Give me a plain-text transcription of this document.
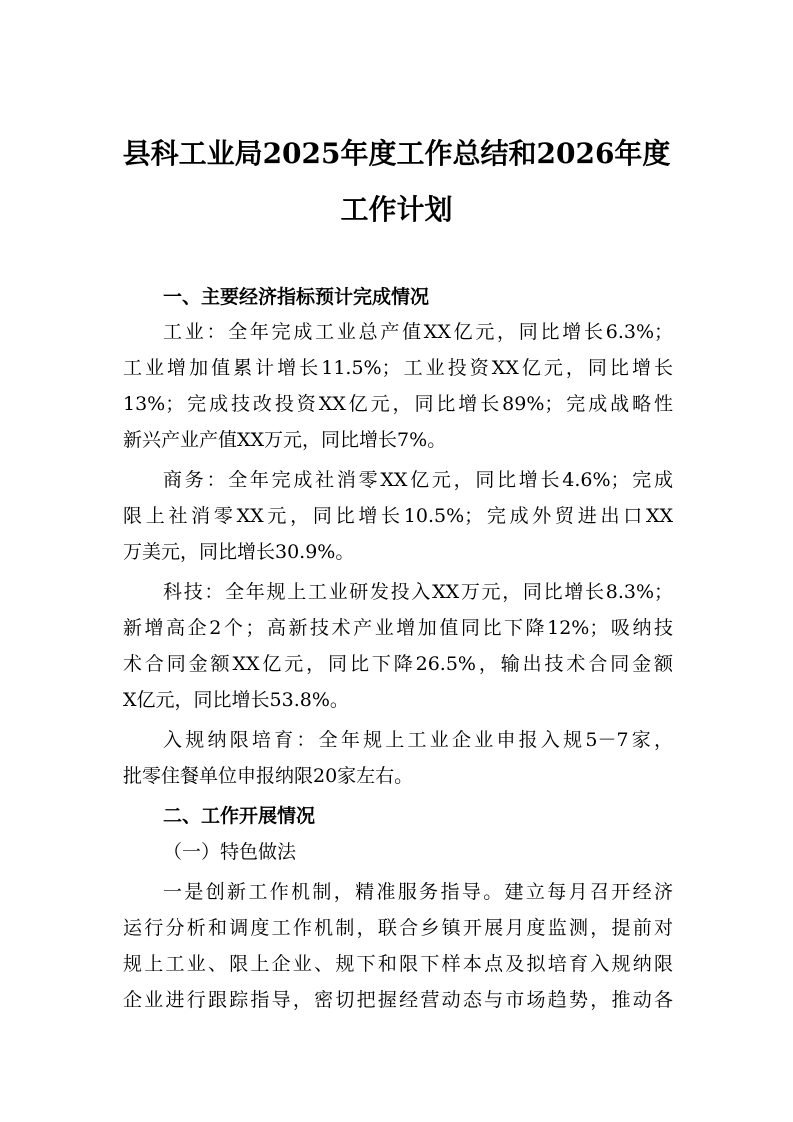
县科工业局2025年度工作总结和2026年度
工作计划
一、主要经济指标预计完成情况
工业：全年完成工业总产值XX亿元，同比增长6.3%；
工业增加值累计增长11.5%；工业投资XX亿元，同比增长
13%；完成技改投资XX亿元，同比增长89%；完成战略性
新兴产业产值XX万元，同比增长7%。
商务：全年完成社消零XX亿元，同比增长4.6%；完成
限上社消零XX元，同比增长10.5%；完成外贸进出口XX
万美元，同比增长30.9%。
科技：全年规上工业研发投入XX万元，同比增长8.3%；
新增高企2个；高新技术产业增加值同比下降12%；吸纳技
术合同金额XX亿元，同比下降26.5%，输出技术合同金额
X亿元，同比增长53.8%。
入规纳限培育：全年规上工业企业申报入规5－7家，
批零住餐单位申报纳限20家左右。
二、工作开展情况
（一）特色做法
一是创新工作机制，精准服务指导。建立每月召开经济
运行分析和调度工作机制，联合乡镇开展月度监测，提前对
规上工业、限上企业、规下和限下样本点及拟培育入规纳限
企业进行跟踪指导，密切把握经营动态与市场趋势，推动各
